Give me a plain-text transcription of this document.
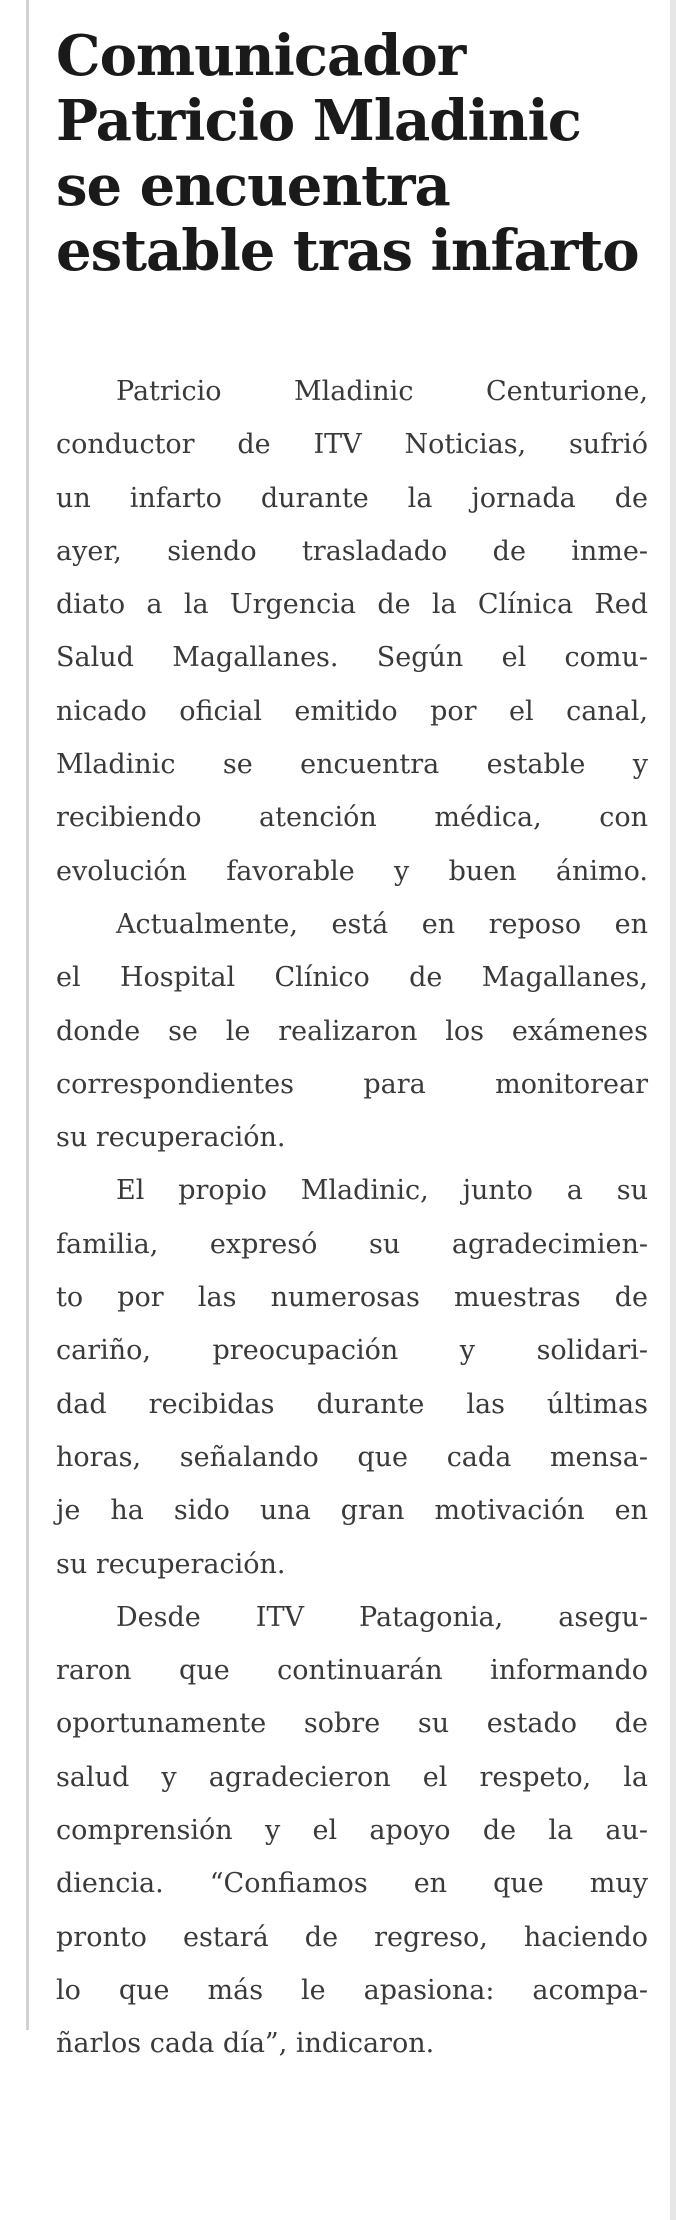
Comunicador
Patricio Mladinic
se encuentra
estable tras infarto
Patricio Mladinic Centurione,
conductor de ITV Noticias, sufrió
un infarto durante la jornada de
ayer, siendo trasladado de inme-
diato a la Urgencia de la Clínica Red
Salud Magallanes. Según el comu-
nicado oficial emitido por el canal,
Mladinic se encuentra estable y
recibiendo atención médica, con
evolución favorable y buen ánimo.
Actualmente, está en reposo en
el Hospital Clínico de Magallanes,
donde se le realizaron los exámenes
correspondientes para monitorear
su recuperación.
El propio Mladinic, junto a su
familia, expresó su agradecimien-
to por las numerosas muestras de
cariño, preocupación y solidari-
dad recibidas durante las últimas
horas, señalando que cada mensa-
je ha sido una gran motivación en
su recuperación.
Desde ITV Patagonia, asegu-
raron que continuarán informando
oportunamente sobre su estado de
salud y agradecieron el respeto, la
comprensión y el apoyo de la au-
diencia. “Confiamos en que muy
pronto estará de regreso, haciendo
lo que más le apasiona: acompa-
ñarlos cada día”, indicaron.
